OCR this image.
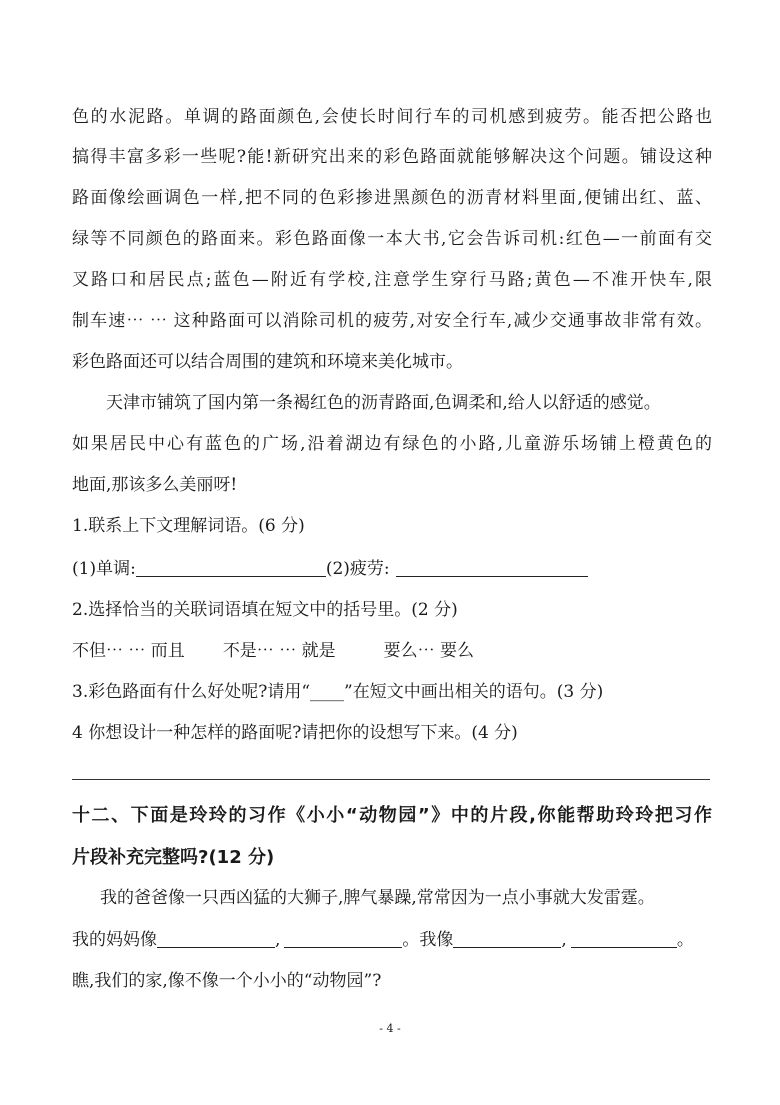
色的水泥路。单调的路面颜色,会使长时间行车的司机感到疲劳。能否把公路也
搞得丰富多彩一些呢?能!新研究出来的彩色路面就能够解决这个问题。铺设这种
路面像绘画调色一样,把不同的色彩掺进黑颜色的沥青材料里面,便铺出红、蓝、
绿等不同颜色的路面来。彩色路面像一本大书,它会告诉司机:红色—一前面有交
叉路口和居民点;蓝色—附近有学校,注意学生穿行马路;黄色—不准开快车,限
制车速⋯ ⋯ 这种路面可以消除司机的疲劳,对安全行车,减少交通事故非常有效。
彩色路面还可以结合周围的建筑和环境来美化城市。
天津市铺筑了国内第一条褐红色的沥青路面,色调柔和,给人以舒适的感觉。
如果居民中心有蓝色的广场,沿着湖边有绿色的小路,儿童游乐场铺上橙黄色的
地面,那该多么美丽呀!
1.联系上下文理解词语。(6 分)
(1)单调:	(2)疲劳:
2.选择恰当的关联词语填在短文中的括号里。(2 分)
不但⋯ ⋯ 而且 不是⋯ ⋯ 就是	要么⋯ 要么
3.彩色路面有什么好处呢?请用“____”在短文中画出相关的语句。(3 分)
4 你想设计一种怎样的路面呢?请把你的设想写下来。(4 分)
十二、下面是玲玲的习作《小小“动物园”》中的片段,你能帮助玲玲把习作
片段补充完整吗?(12 分)
我的爸爸像一只西凶猛的大狮子,脾气暴躁,常常因为一点小事就大发雷霆。
我的妈妈像	,	。我像	,	。
瞧,我们的家,像不像一个小小的“动物园”?
- 4 -
